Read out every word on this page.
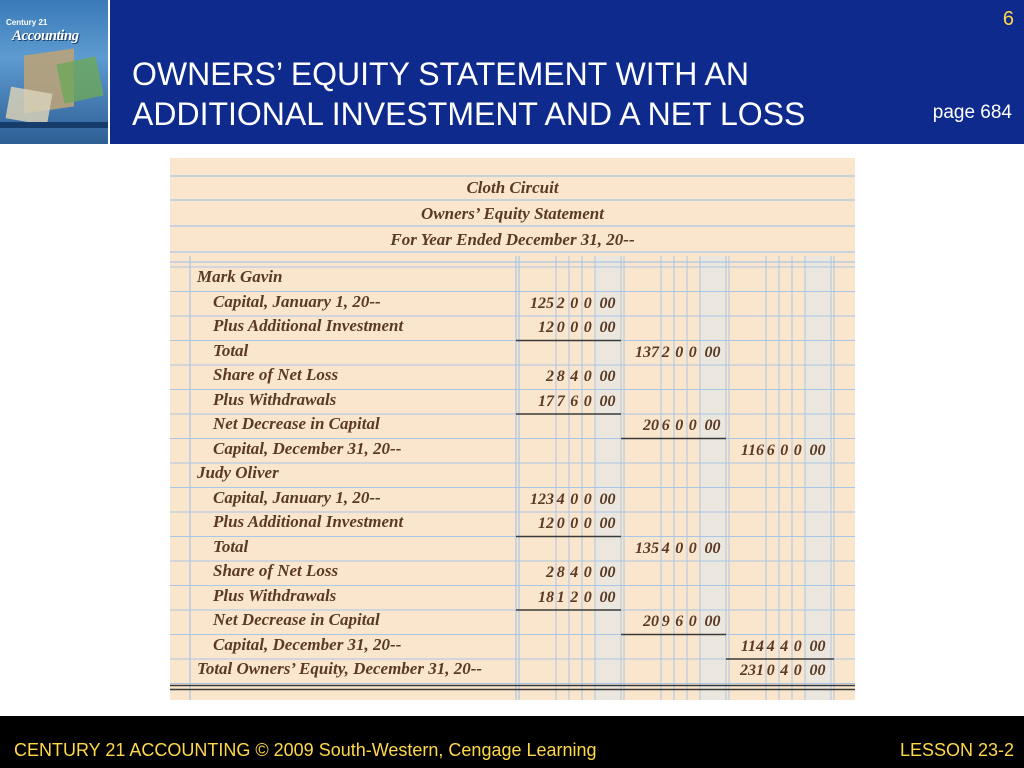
Century 21
Accounting
6
OWNERS’ EQUITY STATEMENT WITH AN
ADDITIONAL INVESTMENT AND A NET LOSS	page 684
Cloth Circuit
Owners’ Equity Statement
For Year Ended December 31, 20--
Mark Gavin
Capital, January 1, 20--	125 2 0 0 00
Plus Additional Investment	12 0 0 0 00
Total	137 2 0 0 00
Share of Net Loss	2 8 4 0 00
Plus Withdrawals	17 7 6 0 00
Net Decrease in Capital	20 6 0 0 00
Capital, December 31, 20--	116 6 0 0 00
Judy Oliver
Capital, January 1, 20--	123 4 0 0 00
Plus Additional Investment	12 0 0 0 00
Total	135 4 0 0 00
Share of Net Loss	2 8 4 0 00
Plus Withdrawals	18 1 2 0 00
Net Decrease in Capital	20 9 6 0 00
Capital, December 31, 20--	114 4 4 0 00
Total Owners’ Equity, December 31, 20--	231 0 4 0 00
CENTURY 21 ACCOUNTING © 2009 South-Western, Cengage Learning	LESSON 23-2
